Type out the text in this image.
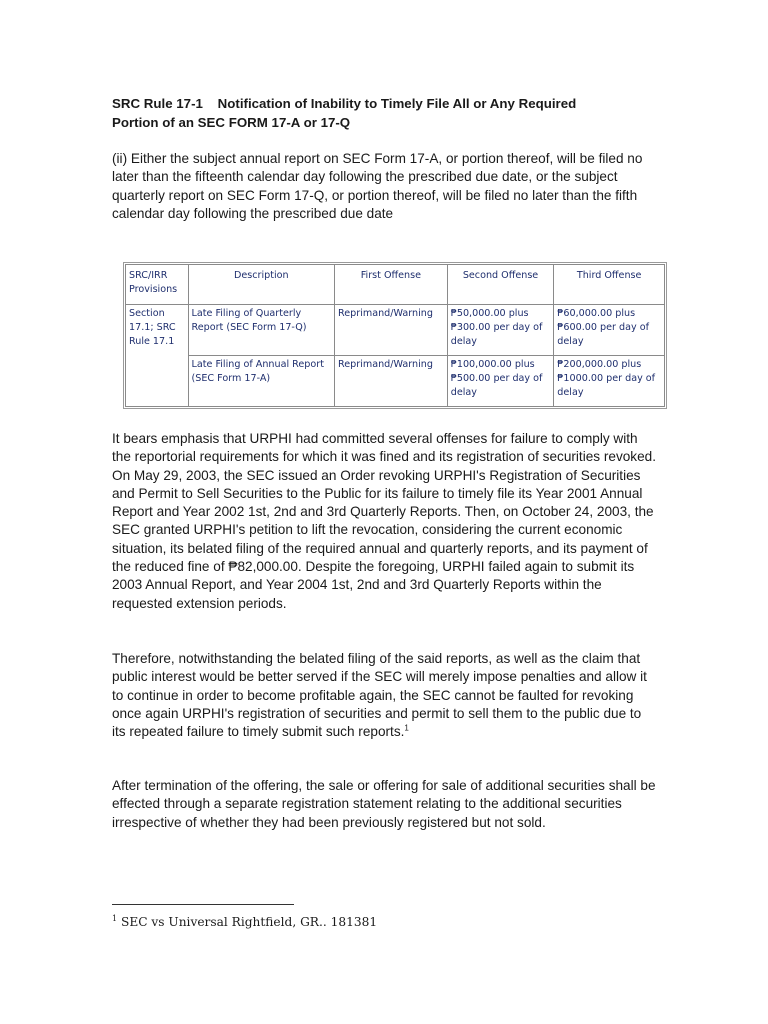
SRC Rule 17-1    Notification of Inability to Timely File All or Any Required
Portion of an SEC FORM 17-A or 17-Q
(ii) Either the subject annual report on SEC Form 17-A, or portion thereof, will be filed no later than the fifteenth calendar day following the prescribed due date, or the subject quarterly report on SEC Form 17-Q, or portion thereof, will be filed no later than the fifth calendar day following the prescribed due date
SRC/IRR Provisions	Description	First Offense	Second Offense	Third Offense
Section 17.1; SRC Rule 17.1	Late Filing of Quarterly Report (SEC Form 17-Q)	Reprimand/Warning	₱50,000.00 plus ₱300.00 per day of delay	₱60,000.00 plus ₱600.00 per day of delay
	Late Filing of Annual Report (SEC Form 17-A)	Reprimand/Warning	₱100,000.00 plus ₱500.00 per day of delay	₱200,000.00 plus ₱1000.00 per day of delay
It bears emphasis that URPHI had committed several offenses for failure to comply with the reportorial requirements for which it was fined and its registration of securities revoked. On May 29, 2003, the SEC issued an Order revoking URPHI's Registration of Securities and Permit to Sell Securities to the Public for its failure to timely file its Year 2001 Annual Report and Year 2002 1st, 2nd and 3rd Quarterly Reports. Then, on October 24, 2003, the SEC granted URPHI's petition to lift the revocation, considering the current economic situation, its belated filing of the required annual and quarterly reports, and its payment of the reduced fine of ₱82,000.00. Despite the foregoing, URPHI failed again to submit its 2003 Annual Report, and Year 2004 1st, 2nd and 3rd Quarterly Reports within the requested extension periods.
Therefore, notwithstanding the belated filing of the said reports, as well as the claim that public interest would be better served if the SEC will merely impose penalties and allow it to continue in order to become profitable again, the SEC cannot be faulted for revoking once again URPHI's registration of securities and permit to sell them to the public due to its repeated failure to timely submit such reports.$^1$
After termination of the offering, the sale or offering for sale of additional securities shall be effected through a separate registration statement relating to the additional securities irrespective of whether they had been previously registered but not sold.
$^1$ SEC vs Universal Rightfield, GR.. 181381
